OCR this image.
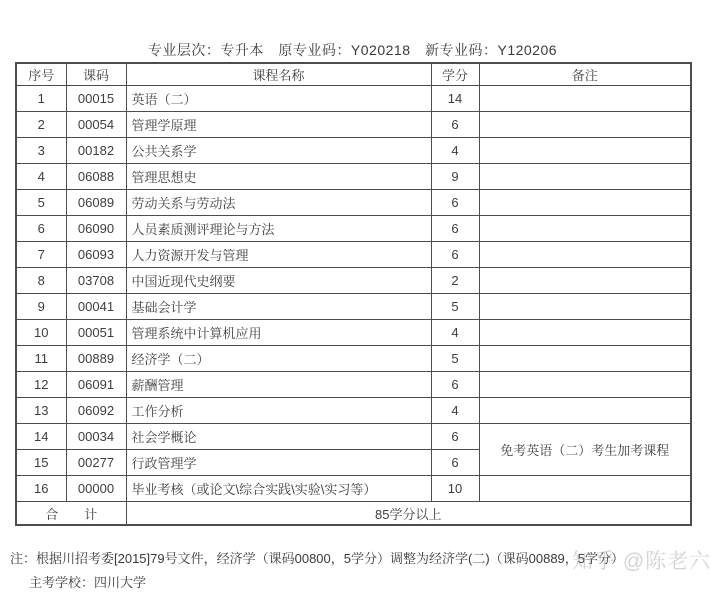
专业层次：专升本　原专业码：Y020218　新专业码：Y120206
序号	课码	课程名称	学分	备注
1	00015	英语（二）	14	
2	00054	管理学原理	6	
3	00182	公共关系学	4	
4	06088	管理思想史	9	
5	06089	劳动关系与劳动法	6	
6	06090	人员素质测评理论与方法	6	
7	06093	人力资源开发与管理	6	
8	03708	中国近现代史纲要	2	
9	00041	基础会计学	5	
10	00051	管理系统中计算机应用	4	
11	00889	经济学（二）	5	
12	06091	薪酬管理	6	
13	06092	工作分析	4	
14	00034	社会学概论	6	免考英语（二）考生加考课程
15	00277	行政管理学	6	
16	00000	毕业考核（或论文\综合实践\实验\实习等）	10	
合　　计		85学分以上		
注：根据川招考委[2015]79号文件，经济学（课码00800，5学分）调整为经济学(二)（课码00889，5学分）
主考学校：四川大学
知乎 @陈老六
